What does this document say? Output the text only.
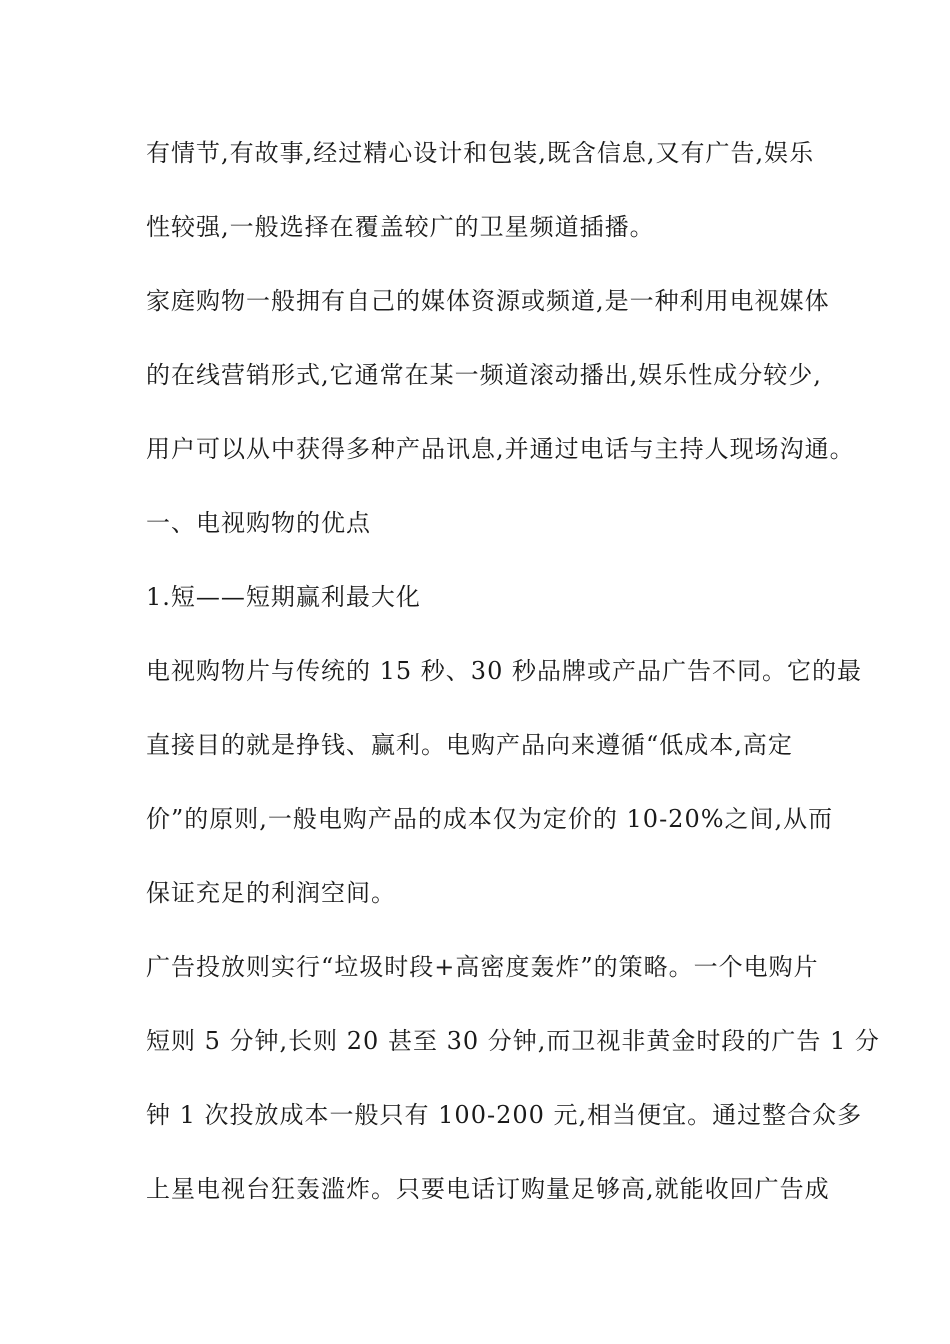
有情节,有故事,经过精心设计和包装,既含信息,又有广告,娱乐
性较强,一般选择在覆盖较广的卫星频道插播。
家庭购物一般拥有自己的媒体资源或频道,是一种利用电视媒体
的在线营销形式,它通常在某一频道滚动播出,娱乐性成分较少,
用户可以从中获得多种产品讯息,并通过电话与主持人现场沟通。
一、电视购物的优点
1.短——短期赢利最大化
电视购物片与传统的 15 秒、30 秒品牌或产品广告不同。它的最
直接目的就是挣钱、赢利。电购产品向来遵循“低成本,高定
价”的原则,一般电购产品的成本仅为定价的 10-20%之间,从而
保证充足的利润空间。
广告投放则实行“垃圾时段+高密度轰炸”的策略。一个电购片
短则 5 分钟,长则 20 甚至 30 分钟,而卫视非黄金时段的广告 1 分
钟 1 次投放成本一般只有 100-200 元,相当便宜。通过整合众多
上星电视台狂轰滥炸。只要电话订购量足够高,就能收回广告成
